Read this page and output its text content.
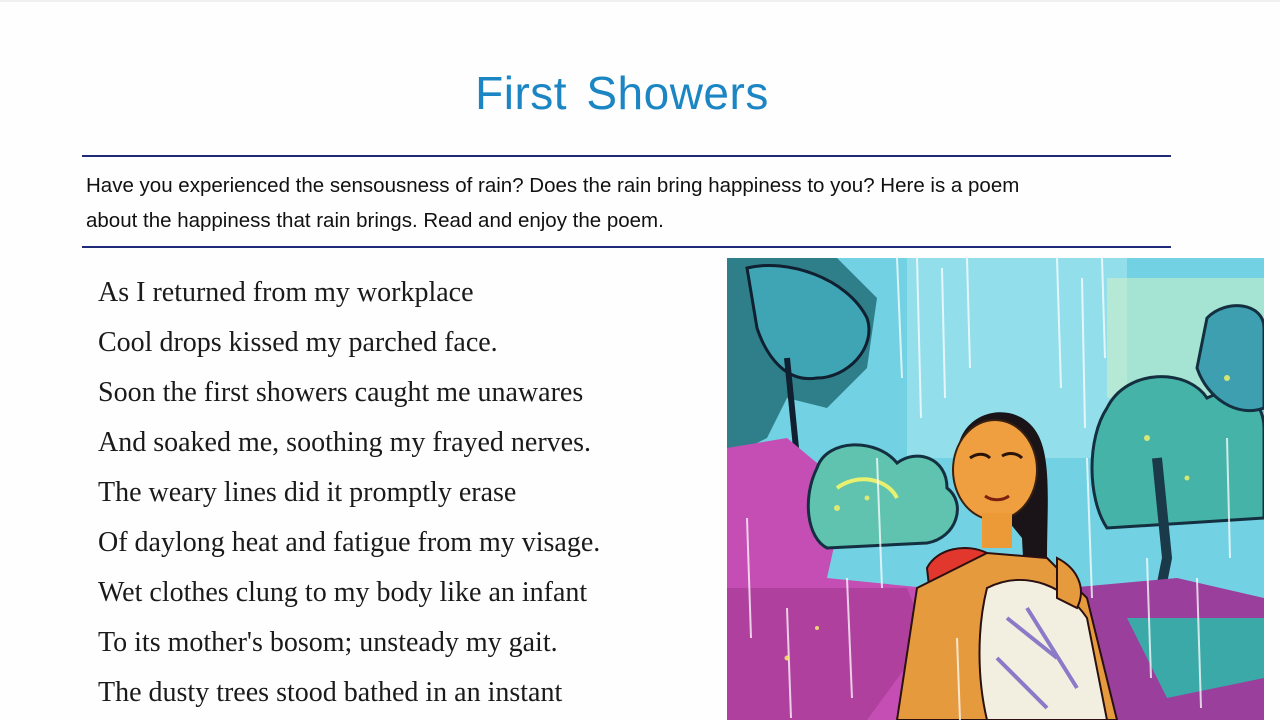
First Showers
Have you experienced the sensousness of rain? Does the rain bring happiness to you? Here is a poem
about the happiness that rain brings. Read and enjoy the poem.
As I returned from my workplace
Cool drops kissed my parched face.
Soon the first showers caught me unawares
And soaked me, soothing my frayed nerves.
The weary lines did it promptly erase
Of daylong heat and fatigue from my visage.
Wet clothes clung to my body like an infant
To its mother's bosom; unsteady my gait.
The dusty trees stood bathed in an instant
